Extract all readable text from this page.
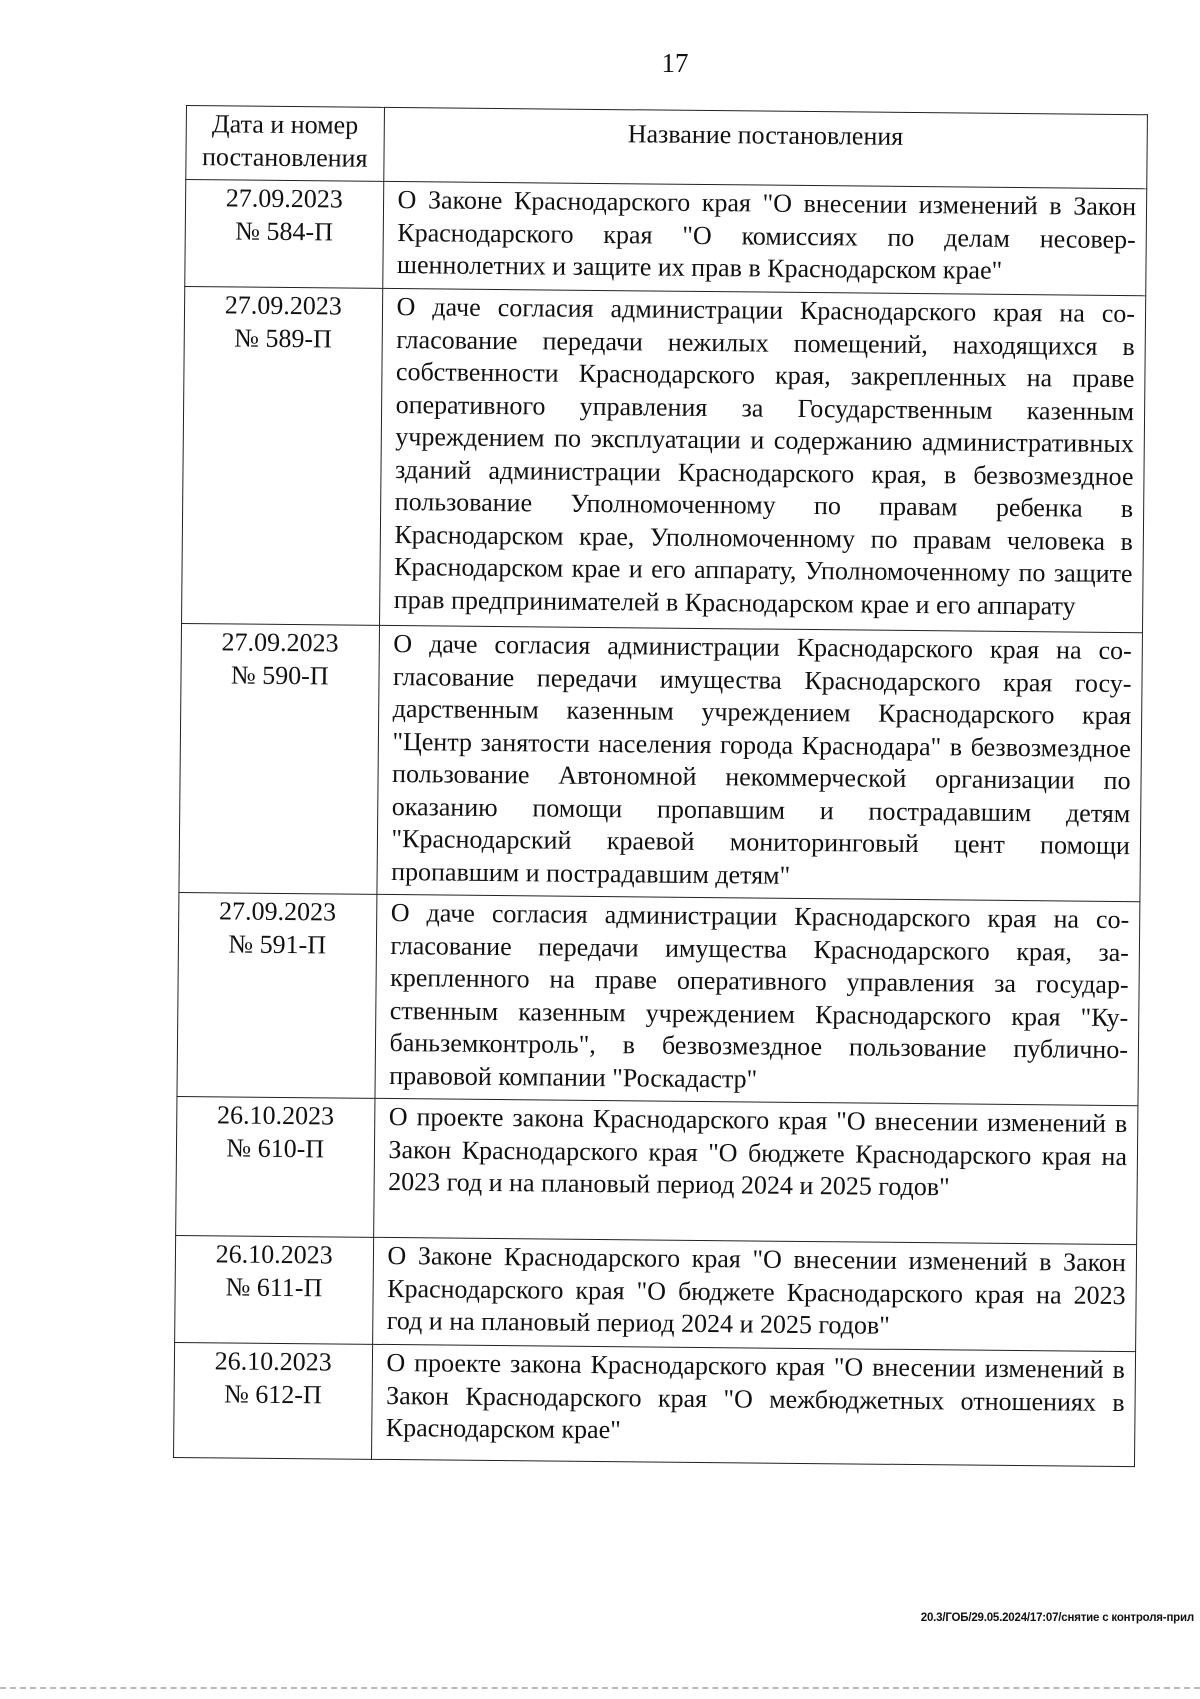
17
Дата и номер постановления	Название постановления

27.09.2023
№ 584-П	О Законе Краснодарского края "О внесении изменений в Закон Краснодарского края "О комиссиях по делам несовершеннолетних и защите их прав в Краснодарском крае"

27.09.2023
№ 589-П	О даче согласия администрации Краснодарского края на согласование передачи нежилых помещений, находящихся в собственности Краснодарского края, закрепленных на праве оперативного управления за Государственным казенным учреждением по эксплуатации и содержанию административных зданий администрации Краснодарского края, в безвозмездное пользование Уполномоченному по правам ребенка в Краснодарском крае, Уполномоченному по правам человека в Краснодарском крае и его аппарату, Уполномоченному по защите прав предпринимателей в Краснодарском крае и его аппарату

27.09.2023
№ 590-П	О даче согласия администрации Краснодарского края на согласование передачи имущества Краснодарского края государственным казенным учреждением Краснодарского края "Центр занятости населения города Краснодара" в безвозмездное пользование Автономной некоммерческой организации по оказанию помощи пропавшим и пострадавшим детям "Краснодарский краевой мониторинговый цент помощи пропавшим и пострадавшим детям"

27.09.2023
№ 591-П	О даче согласия администрации Краснодарского края на согласование передачи имущества Краснодарского края, закрепленного на праве оперативного управления за государственным казенным учреждением Краснодарского края "Кубаньземконтроль", в безвозмездное пользование публично-правовой компании "Роскадастр"

26.10.2023
№ 610-П	О проекте закона Краснодарского края "О внесении изменений в Закон Краснодарского края "О бюджете Краснодарского края на 2023 год и на плановый период 2024 и 2025 годов"

26.10.2023
№ 611-П	О Законе Краснодарского края "О внесении изменений в Закон Краснодарского края "О бюджете Краснодарского края на 2023 год и на плановый период 2024 и 2025 годов"

26.10.2023
№ 612-П	О проекте закона Краснодарского края "О внесении изменений в Закон Краснодарского края "О межбюджетных отношениях в Краснодарском крае"
20.3/ГОБ/29.05.2024/17:07/снятие с контроля-прил
